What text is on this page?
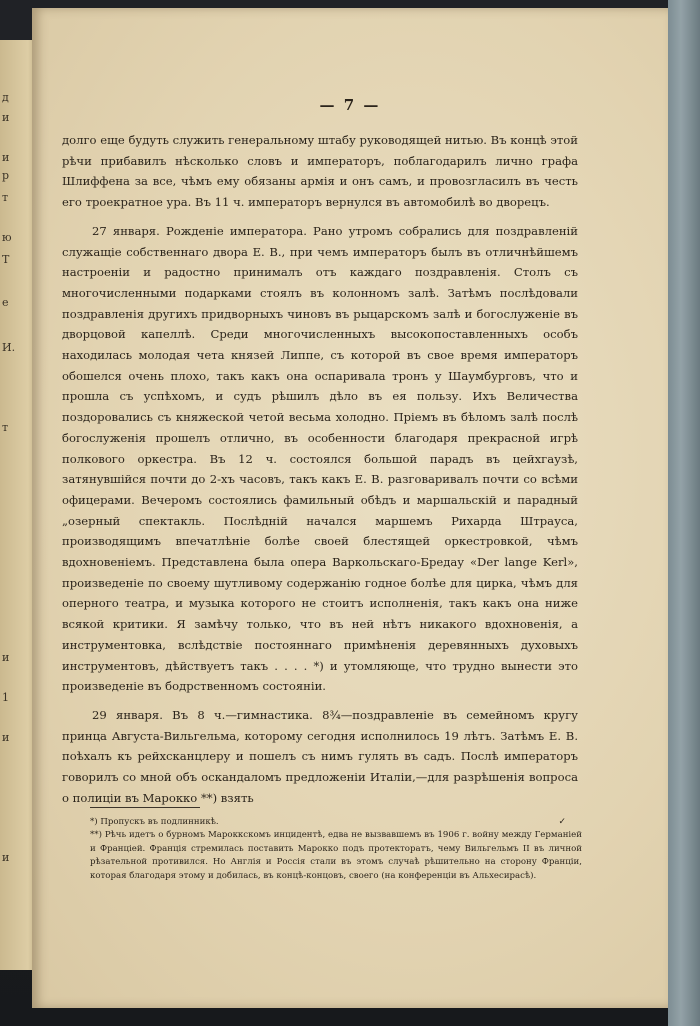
д
и
и
р
т
ю
Т
е
И.
т
и
1
и
и
— 7 —

долго еще будуть служить генеральному штабу руководящей нитью. Въ концѣ этой рѣчи прибавилъ нѣсколько словъ и императоръ, поблагодарилъ лично графа Шлиффена за все, чѣмъ ему обязаны армія и онъ самъ, и провозгласилъ въ честь его троекратное ура. Въ 11 ч. императоръ вернулся въ автомобилѣ во дворецъ.

27 января. Рожденіе императора. Рано утромъ собрались для поздравленій служащіе собственнаго двора Е. В., при чемъ императоръ былъ въ отличнѣйшемъ настроеніи и радостно принималъ отъ каждаго поздравленія. Столъ съ многочисленными подарками стоялъ въ колонномъ залѣ. Затѣмъ послѣдовали поздравленія другихъ придворныхъ чиновъ въ рыцарскомъ залѣ и богослуженіе въ дворцовой капеллѣ. Среди многочисленныхъ высокопоставленныхъ особъ находилась молодая чета князей Липпе, съ которой въ свое время императоръ обошелся очень плохо, такъ какъ она оспаривала тронъ у Шаумбурговъ, что и прошла съ успѣхомъ, и судъ рѣшилъ дѣло въ ея пользу. Ихъ Величества поздоровались съ княжеской четой весьма холодно. Пріемъ въ бѣломъ залѣ послѣ богослуженія прошелъ отлично, въ особенности благодаря прекрасной игрѣ полкового оркестра. Въ 12 ч. состоялся большой парадъ въ цейхгаузѣ, затянувшійся почти до 2-хъ часовъ, такъ какъ Е. В. разговаривалъ почти со всѣми офицерами. Вечеромъ состоялись фамильный обѣдъ и маршальскій и парадный „озерный спектакль. Послѣдній начался маршемъ Рихарда Штрауса, производящимъ впечатлѣніе болѣе своей блестящей оркестровкой, чѣмъ вдохновеніемъ. Представлена была опера Варкольскаго-Бредау «Der lange Kerl», произведеніе по своему шутливому содержанію годное болѣе для цирка, чѣмъ для оперного театра, и музыка которого не стоитъ исполненія, такъ какъ она ниже всякой критики. Я замѣчу только, что въ ней нѣтъ никакого вдохновенія, а инструментовка, вслѣдствіе постояннаго примѣненія деревянныхъ духовыхъ инструментовъ, дѣйствуетъ такъ . . . . *) и утомляюще, что трудно вынести это произведеніе въ бодрственномъ состояніи.

29 января. Въ 8 ч.—гимнастика. 8¾—поздравленіе въ семейномъ кругу принца Августа-Вильгельма, которому сегодня исполнилось 19 лѣтъ. Затѣмъ Е. В. поѣхалъ къ рейхсканцлеру и пошелъ съ нимъ гулять въ садъ. Послѣ императоръ говорилъ со мной объ оскандаломъ предложеніи Италіи,—для разрѣшенія вопроса о полиціи въ Марокко **) взять

*) Пропускъ въ подлинникѣ.	✓

**) Рѣчь идетъ о бурномъ Мароккскомъ инцидентѣ, едва не вызвавшемъ въ 1906 г. войну между Германіей и Франціей. Франція стремилась поставить Марокко подъ протекторатъ, чему Вильгельмъ II въ личной рѣзательной противился. Но Англія и Россія стали въ этомъ случаѣ рѣшительно на сторону Франціи, которая благодаря этому и добилась, въ концѣ-концовъ, своего (на конференціи въ Альхесирасѣ).
